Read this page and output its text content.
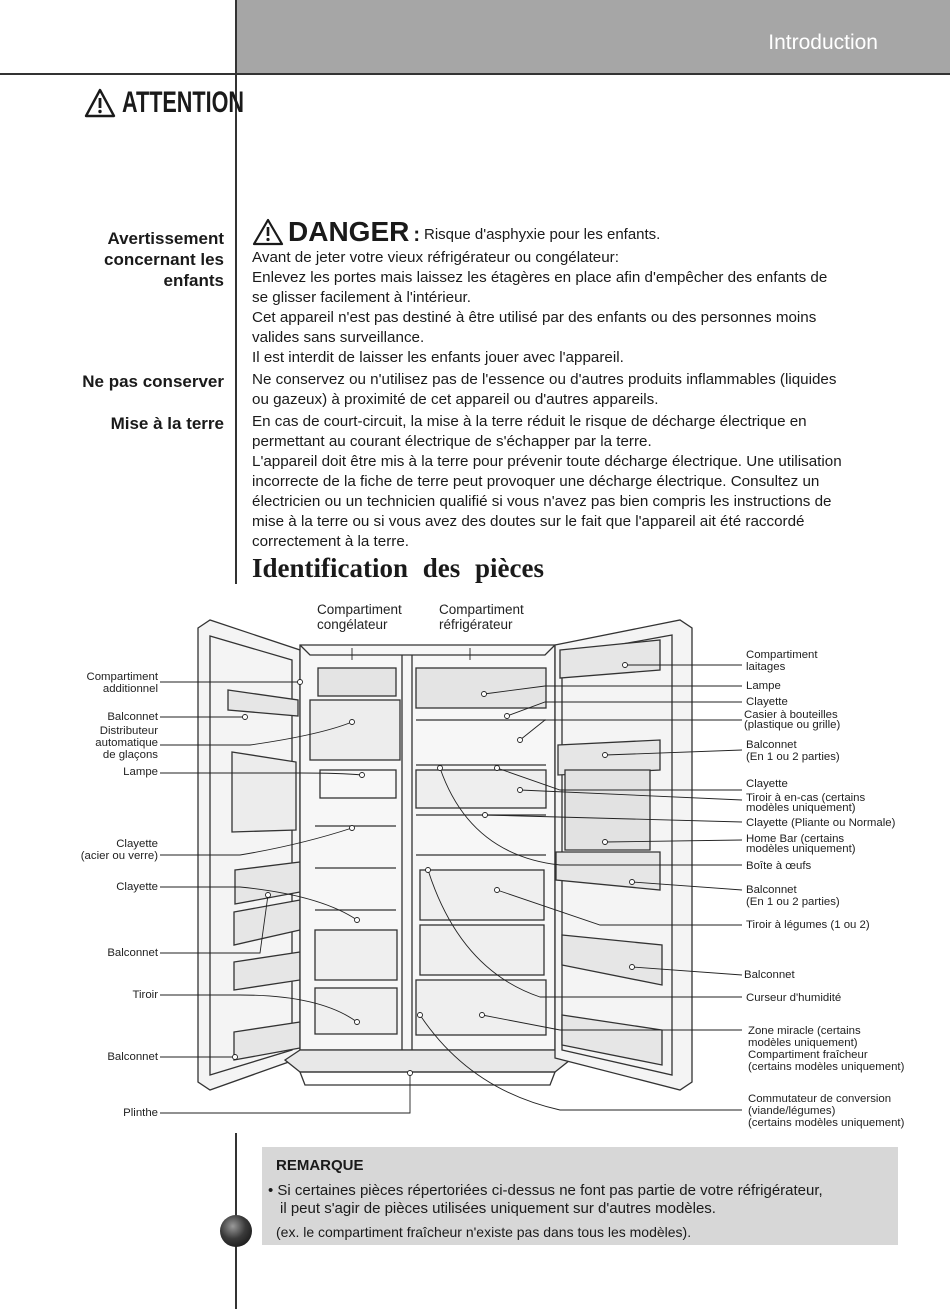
Introduction
ATTENTION
Avertissement
concernant les
enfants
Ne pas conserver
Mise à la terre
DANGER : Risque d'asphyxie pour les enfants.

Avant de jeter votre vieux réfrigérateur ou congélateur:

Enlevez les portes mais laissez les étagères en place afin d'empêcher des enfants de

se glisser facilement à l'intérieur.

Cet appareil n'est pas destiné à être utilisé par des enfants ou des personnes moins

valides sans surveillance.

Il est interdit de laisser les enfants jouer avec l'appareil.

Ne conservez ou n'utilisez pas de l'essence ou d'autres produits inflammables (liquides

ou gazeux) à proximité de cet appareil ou d'autres appareils.

En cas de court-circuit, la mise à la terre réduit le risque de décharge électrique en

permettant au courant électrique de s'échapper par la terre.

L'appareil doit être mis à la terre pour prévenir toute décharge électrique. Une utilisation

incorrecte de la fiche de terre peut provoquer une décharge électrique. Consultez un

électricien ou un technicien qualifié si vous n'avez pas bien compris les instructions de

mise à la terre ou si vous avez des doutes sur le fait que l'appareil ait été raccordé

correctement à la terre.

Identification des pièces
Compartiment
congélateur
Compartiment
réfrigérateur
Compartiment
additionnel
Balconnet
Distributeur
automatique
de glaçons
Lampe
Clayette
(acier ou verre)
Clayette
Balconnet
Tiroir
Balconnet
Plinthe
Compartiment
laitages
Lampe
Clayette
Casier à bouteilles
(plastique ou grille)
Balconnet
(En 1 ou 2 parties)
Clayette
Tiroir à en-cas (certains
modèles uniquement)
Clayette (Pliante ou Normale)
Home Bar (certains
modèles uniquement)
Boîte à œufs
Balconnet
(En 1 ou 2 parties)
Tiroir à légumes (1 ou 2)
Balconnet
Curseur d'humidité
Zone miracle (certains
modèles uniquement)
Compartiment fraîcheur
(certains modèles uniquement)
Commutateur de conversion
(viande/légumes)
(certains modèles uniquement)
REMARQUE
• Si certaines pièces répertoriées ci-dessus ne font pas partie de votre réfrigérateur,
il peut s'agir de pièces utilisées uniquement sur d'autres modèles.
(ex. le compartiment fraîcheur n'existe pas dans tous les modèles).
